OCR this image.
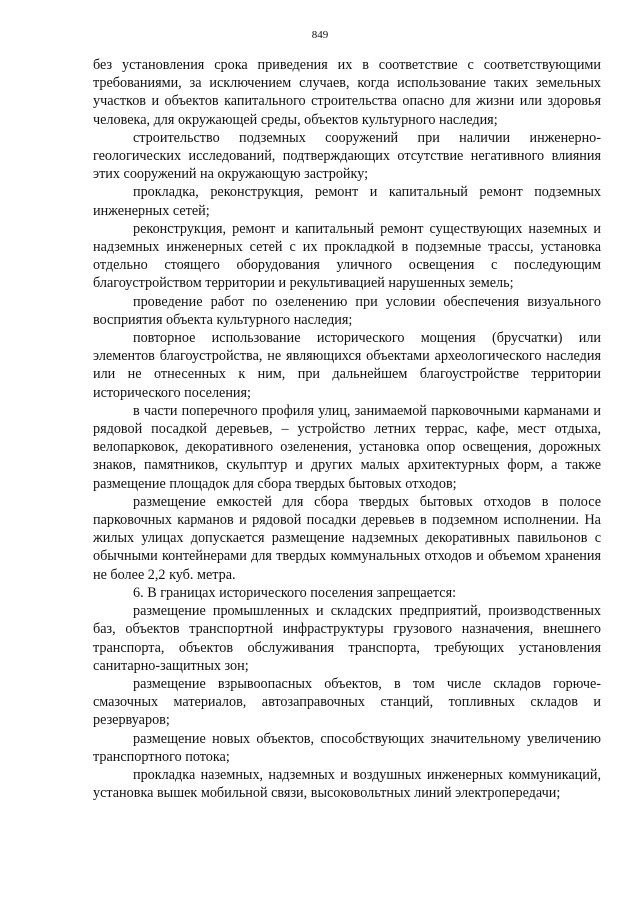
849

без установления срока приведения их в соответствие с соответствующими требованиями, за исключением случаев, когда использование таких земельных участков и объектов капитального строительства опасно для жизни или здоровья человека, для окружающей среды, объектов культурного наследия;

строительство подземных сооружений при наличии инженерно-геологических исследований, подтверждающих отсутствие негативного влияния этих сооружений на окружающую застройку;

прокладка, реконструкция, ремонт и капитальный ремонт подземных инженерных сетей;

реконструкция, ремонт и капитальный ремонт существующих наземных и надземных инженерных сетей с их прокладкой в подземные трассы, установка отдельно стоящего оборудования уличного освещения с последующим благоустройством территории и рекультивацией нарушенных земель;

проведение работ по озеленению при условии обеспечения визуального восприятия объекта культурного наследия;

повторное использование исторического мощения (брусчатки) или элементов благоустройства, не являющихся объектами археологического наследия или не отнесенных к ним, при дальнейшем благоустройстве территории исторического поселения;

в части поперечного профиля улиц, занимаемой парковочными карманами и рядовой посадкой деревьев, – устройство летних террас, кафе, мест отдыха, велопарковок, декоративного озеленения, установка опор освещения, дорожных знаков, памятников, скульптур и других малых архитектурных форм, а также размещение площадок для сбора твердых бытовых отходов;

размещение емкостей для сбора твердых бытовых отходов в полосе парковочных карманов и рядовой посадки деревьев в подземном исполнении. На жилых улицах допускается размещение надземных декоративных павильонов с обычными контейнерами для твердых коммунальных отходов и объемом хранения не более 2,2 куб. метра.

6. В границах исторического поселения запрещается:

размещение промышленных и складских предприятий, производственных баз, объектов транспортной инфраструктуры грузового назначения, внешнего транспорта, объектов обслуживания транспорта, требующих установления санитарно-защитных зон;

размещение взрывоопасных объектов, в том числе складов горюче-смазочных материалов, автозаправочных станций, топливных складов и резервуаров;

размещение новых объектов, способствующих значительному увеличению транспортного потока;

прокладка наземных, надземных и воздушных инженерных коммуникаций, установка вышек мобильной связи, высоковольтных линий электропередачи;
